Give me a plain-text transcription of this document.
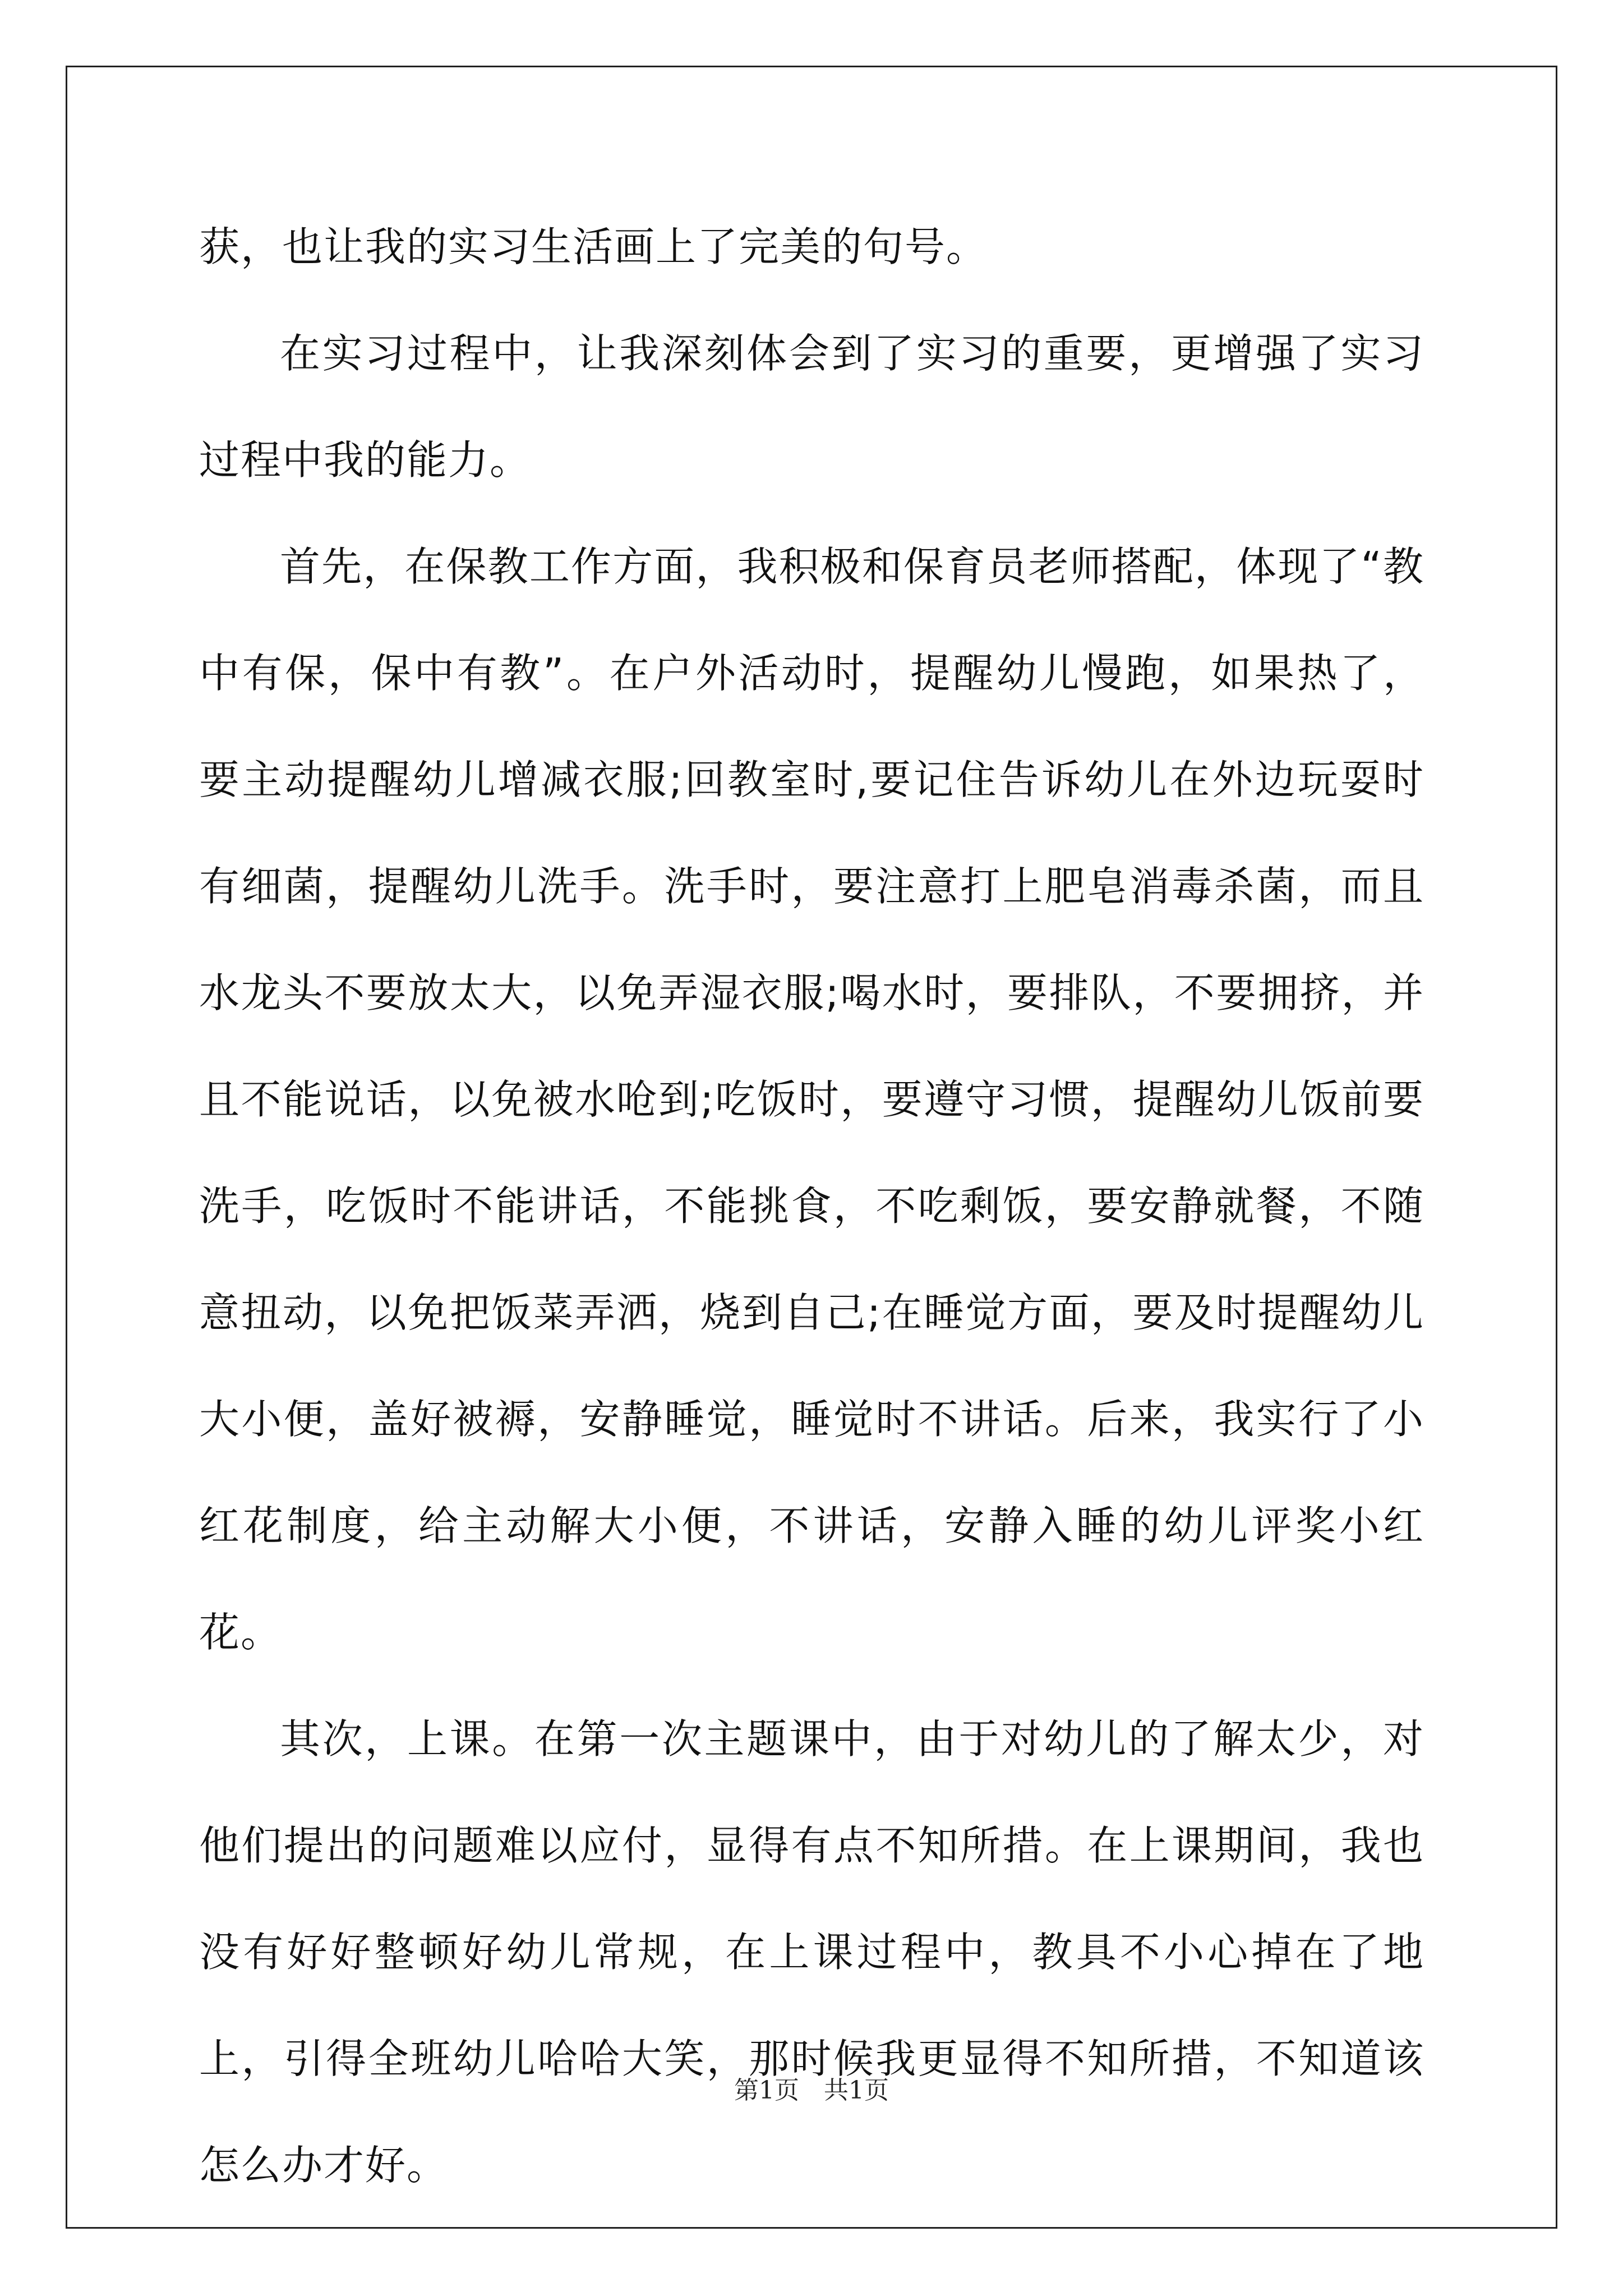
获，也让我的实习生活画上了完美的句号。

在实习过程中，让我深刻体会到了实习的重要，更增强了实习过程中我的能力。

首先，在保教工作方面，我积极和保育员老师搭配，体现了“教中有保，保中有教”。在户外活动时，提醒幼儿慢跑，如果热了，要主动提醒幼儿增减衣服;回教室时,要记住告诉幼儿在外边玩耍时有细菌，提醒幼儿洗手。洗手时，要注意打上肥皂消毒杀菌，而且水龙头不要放太大，以免弄湿衣服;喝水时，要排队，不要拥挤，并且不能说话，以免被水呛到;吃饭时，要遵守习惯，提醒幼儿饭前要洗手，吃饭时不能讲话，不能挑食，不吃剩饭，要安静就餐，不随意扭动，以免把饭菜弄洒，烧到自己;在睡觉方面，要及时提醒幼儿大小便，盖好被褥，安静睡觉，睡觉时不讲话。后来，我实行了小红花制度，给主动解大小便，不讲话，安静入睡的幼儿评奖小红花。

其次，上课。在第一次主题课中，由于对幼儿的了解太少，对他们提出的问题难以应付，显得有点不知所措。在上课期间，我也没有好好整顿好幼儿常规，在上课过程中，教具不小心掉在了地上，引得全班幼儿哈哈大笑，那时候我更显得不知所措，不知道该怎么办才好。

第1页　共1页
